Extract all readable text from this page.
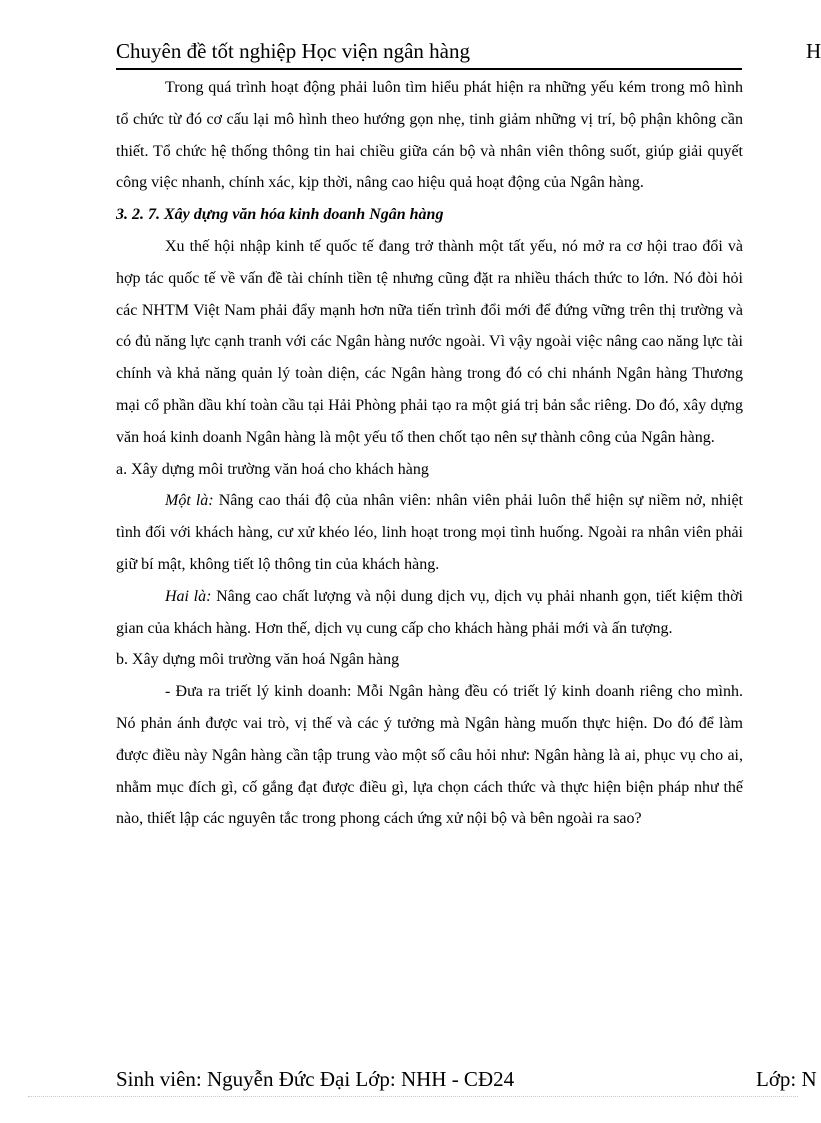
Chuyên đề tốt nghiệp Học viện ngân hàng	H

Trong quá trình hoạt động phải luôn tìm hiểu phát hiện ra những yếu kém trong mô hình tổ chức từ đó cơ cấu lại mô hình theo hướng gọn nhẹ, tinh giảm những vị trí, bộ phận không cần thiết. Tổ chức hệ thống thông tin hai chiều giữa cán bộ và nhân viên thông suốt, giúp giải quyết công việc nhanh, chính xác, kịp thời, nâng cao hiệu quả hoạt động của Ngân hàng.

3. 2. 7. Xây dựng văn hóa kinh doanh Ngân hàng

Xu thế hội nhập kinh tế quốc tế đang trở thành một tất yếu, nó mở ra cơ hội trao đổi và hợp tác quốc tế về vấn đề tài chính tiền tệ nhưng cũng đặt ra nhiều thách thức to lớn. Nó đòi hỏi các NHTM Việt Nam phải đẩy mạnh hơn nữa tiến trình đổi mới để đứng vững trên thị trường và có đủ năng lực cạnh tranh với các Ngân hàng nước ngoài. Vì vậy ngoài việc nâng cao năng lực tài chính và khả năng quản lý toàn diện, các Ngân hàng trong đó có chi nhánh Ngân hàng Thương mại cổ phần dầu khí toàn cầu tại Hải Phòng phải tạo ra một giá trị bản sắc riêng. Do đó, xây dựng văn hoá kinh doanh Ngân hàng là một yếu tố then chốt tạo nên sự thành công của Ngân hàng.

a. Xây dựng môi trường văn hoá cho khách hàng

Một là: Nâng cao thái độ của nhân viên: nhân viên phải luôn thể hiện sự niềm nở, nhiệt tình đối với khách hàng, cư xử khéo léo, linh hoạt trong mọi tình huống. Ngoài ra nhân viên phải giữ bí mật, không tiết lộ thông tin của khách hàng.

Hai là: Nâng cao chất lượng và nội dung dịch vụ, dịch vụ phải nhanh gọn, tiết kiệm thời gian của khách hàng. Hơn thế, dịch vụ cung cấp cho khách hàng phải mới và ấn tượng.

b. Xây dựng môi trường văn hoá Ngân hàng

- Đưa ra triết lý kinh doanh: Mỗi Ngân hàng đều có triết lý kinh doanh riêng cho mình. Nó phản ánh được vai trò, vị thế và các ý tưởng mà Ngân hàng muốn thực hiện. Do đó để làm được điều này Ngân hàng cần tập trung vào một số câu hỏi như: Ngân hàng là ai, phục vụ cho ai, nhằm mục đích gì, cố gắng đạt được điều gì, lựa chọn cách thức và thực hiện biện pháp như thế nào, thiết lập các nguyên tắc trong phong cách ứng xử nội bộ và bên ngoài ra sao?

Sinh viên: Nguyễn Đức Đại Lớp: NHH - CĐ24	Lớp: N
